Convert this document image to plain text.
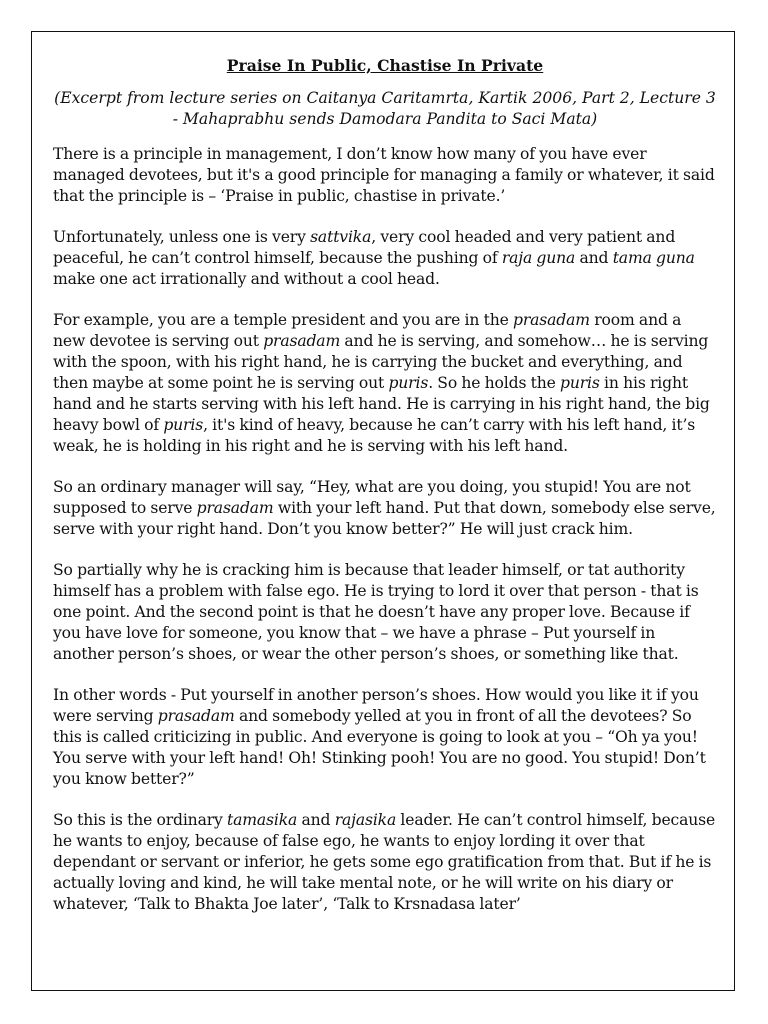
Praise In Public, Chastise In Private
(Excerpt from lecture series on Caitanya Caritamrta, Kartik 2006, Part 2, Lecture 3 - Mahaprabhu sends Damodara Pandita to Saci Mata)

There is a principle in management, I don’t know how many of you have ever managed devotees, but it's a good principle for managing a family or whatever, it said that the principle is – ‘Praise in public, chastise in private.’

Unfortunately, unless one is very sattvika, very cool headed and very patient and peaceful, he can’t control himself, because the pushing of raja guna and tama guna make one act irrationally and without a cool head.

For example, you are a temple president and you are in the prasadam room and a new devotee is serving out prasadam and he is serving, and somehow… he is serving with the spoon, with his right hand, he is carrying the bucket and everything, and then maybe at some point he is serving out puris. So he holds the puris in his right hand and he starts serving with his left hand. He is carrying in his right hand, the big heavy bowl of puris, it's kind of heavy, because he can’t carry with his left hand, it’s weak, he is holding in his right and he is serving with his left hand.

So an ordinary manager will say, “Hey, what are you doing, you stupid! You are not supposed to serve prasadam with your left hand. Put that down, somebody else serve, serve with your right hand. Don’t you know better?” He will just crack him.

So partially why he is cracking him is because that leader himself, or tat authority himself has a problem with false ego. He is trying to lord it over that person - that is one point. And the second point is that he doesn’t have any proper love. Because if you have love for someone, you know that – we have a phrase – Put yourself in another person’s shoes, or wear the other person’s shoes, or something like that.

In other words - Put yourself in another person’s shoes. How would you like it if you were serving prasadam and somebody yelled at you in front of all the devotees? So this is called criticizing in public. And everyone is going to look at you – “Oh ya you! You serve with your left hand! Oh! Stinking pooh! You are no good. You stupid! Don’t you know better?”

So this is the ordinary tamasika and rajasika leader. He can’t control himself, because he wants to enjoy, because of false ego, he wants to enjoy lording it over that dependant or servant or inferior, he gets some ego gratification from that. But if he is actually loving and kind, he will take mental note, or he will write on his diary or whatever, ‘Talk to Bhakta Joe later’, ‘Talk to Krsnadasa later’
